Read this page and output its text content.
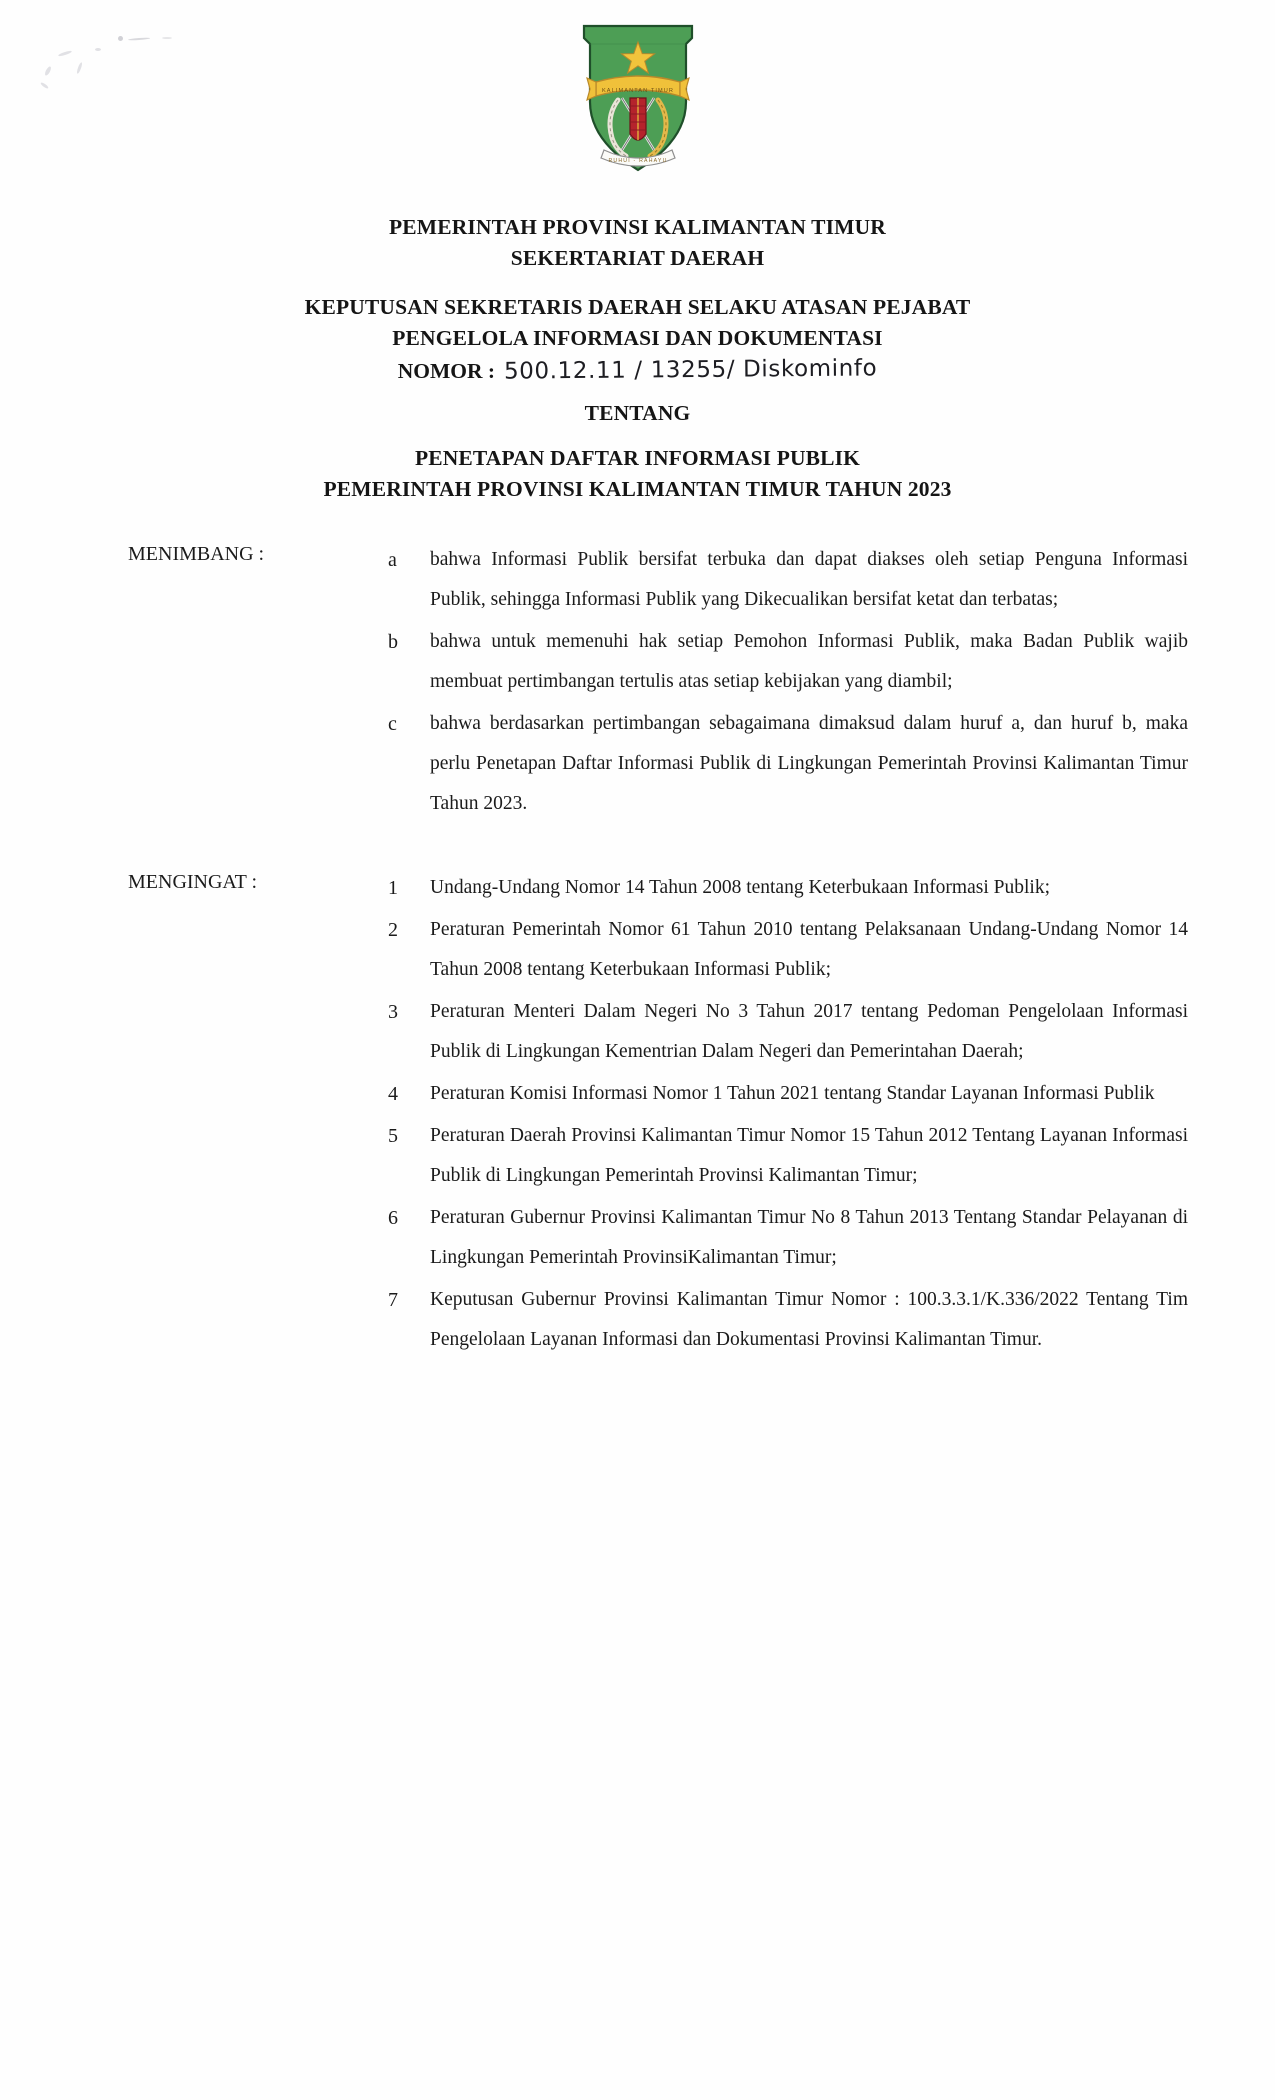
KALIMANTAN TIMUR
RUHUI - RAHAYU
PEMERINTAH PROVINSI KALIMANTAN TIMUR
SEKERTARIAT DAERAH
KEPUTUSAN SEKRETARIS DAERAH SELAKU ATASAN PEJABAT
PENGELOLA INFORMASI DAN DOKUMENTASI
NOMOR : 500.12.11 / 13255/ Diskominfo
TENTANG
PENETAPAN DAFTAR INFORMASI PUBLIK
PEMERINTAH PROVINSI KALIMANTAN TIMUR TAHUN 2023
MENIMBANG :	a	bahwa Informasi Publik bersifat terbuka dan dapat diakses oleh setiap Penguna Informasi Publik, sehingga Informasi Publik yang Dikecualikan bersifat ketat dan terbatas;
b	bahwa untuk memenuhi hak setiap Pemohon Informasi Publik, maka Badan Publik wajib membuat pertimbangan tertulis atas setiap kebijakan yang diambil;
c	bahwa berdasarkan pertimbangan sebagaimana dimaksud dalam huruf a, dan huruf b, maka perlu Penetapan Daftar Informasi Publik di Lingkungan Pemerintah Provinsi Kalimantan Timur Tahun 2023.
MENGINGAT :	1	Undang-Undang Nomor 14 Tahun 2008 tentang Keterbukaan Informasi Publik;
2	Peraturan Pemerintah Nomor 61 Tahun 2010 tentang Pelaksanaan Undang-Undang Nomor 14 Tahun 2008 tentang Keterbukaan Informasi Publik;
3	Peraturan Menteri Dalam Negeri No 3 Tahun 2017 tentang Pedoman Pengelolaan Informasi Publik di Lingkungan Kementrian Dalam Negeri dan Pemerintahan Daerah;
4	Peraturan Komisi Informasi Nomor 1 Tahun 2021 tentang Standar Layanan Informasi Publik
5	Peraturan Daerah Provinsi Kalimantan Timur Nomor 15 Tahun 2012 Tentang Layanan Informasi Publik di Lingkungan Pemerintah Provinsi Kalimantan Timur;
6	Peraturan Gubernur Provinsi Kalimantan Timur No 8 Tahun 2013 Tentang Standar Pelayanan di Lingkungan Pemerintah ProvinsiKalimantan Timur;
7	Keputusan Gubernur Provinsi Kalimantan Timur Nomor : 100.3.3.1/K.336/2022 Tentang Tim Pengelolaan Layanan Informasi dan Dokumentasi Provinsi Kalimantan Timur.
